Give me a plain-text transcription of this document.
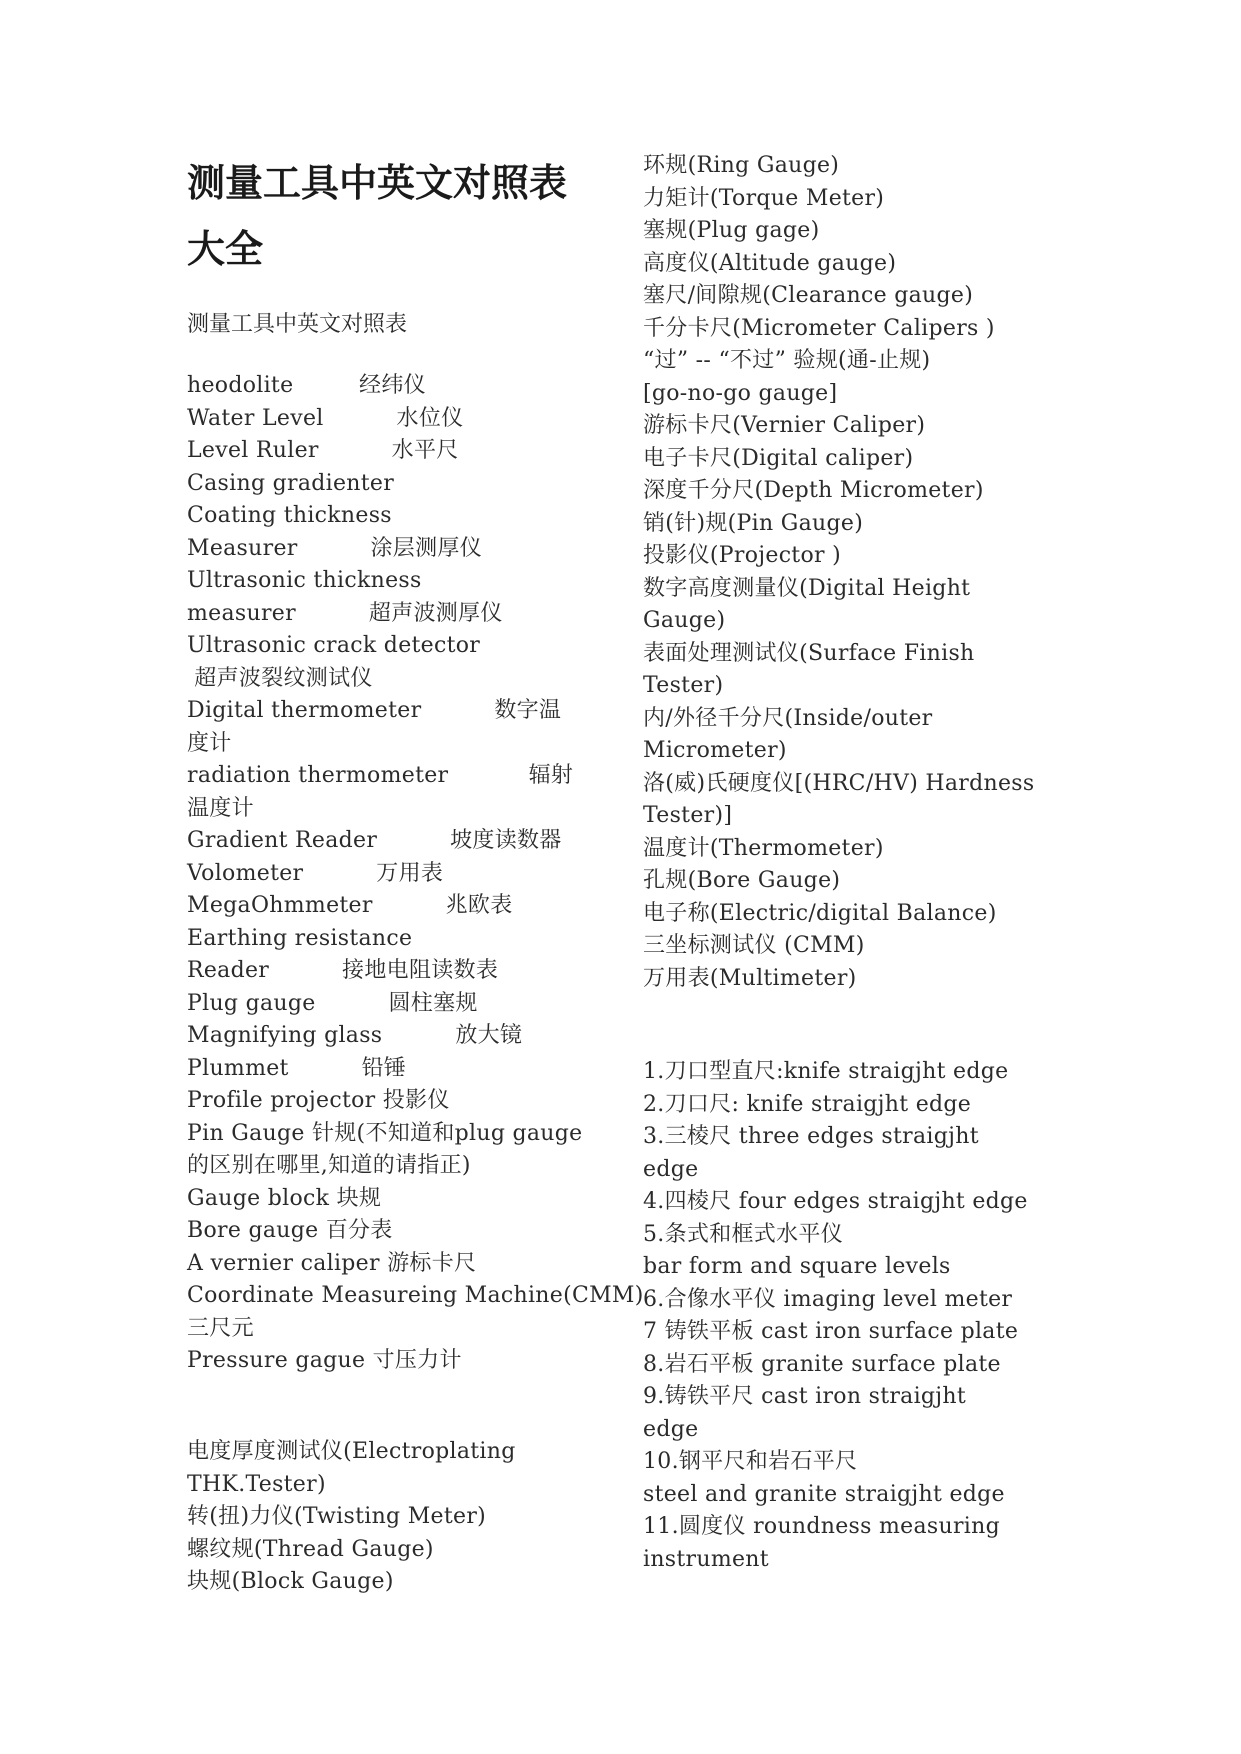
测量工具中英文对照表
大全

测量工具中英文对照表

heodolite         经纬仪
Water Level          水位仪
Level Ruler          水平尺
Casing gradienter
Coating thickness
Measurer          涂层测厚仪
Ultrasonic thickness
measurer          超声波测厚仪
Ultrasonic crack detector
超声波裂纹测试仪
Digital thermometer          数字温
度计
radiation thermometer           辐射
温度计
Gradient Reader          坡度读数器
Volometer          万用表
MegaOhmmeter          兆欧表
Earthing resistance
Reader          接地电阻读数表
Plug gauge          圆柱塞规
Magnifying glass          放大镜
Plummet          铅锤
Profile projector 投影仪
Pin Gauge 针规(不知道和plug gauge
的区别在哪里,知道的请指正)
Gauge block 块规
Bore gauge 百分表
A vernier caliper 游标卡尺
Coordinate Measureing Machine(CMM)
三尺元
Pressure gague 寸压力计
电度厚度测试仪(Electroplating
THK.Tester)
转(扭)力仪(Twisting Meter)
螺纹规(Thread Gauge)
块规(Block Gauge)
环规(Ring Gauge)
力矩计(Torque Meter)
塞规(Plug gage)
高度仪(Altitude gauge)
塞尺/间隙规(Clearance gauge)
千分卡尺(Micrometer Calipers )
“过” -- “不过” 验规(通-止规)
[go-no-go gauge]
游标卡尺(Vernier Caliper)
电子卡尺(Digital caliper)
深度千分尺(Depth Micrometer)
销(针)规(Pin Gauge)
投影仪(Projector )
数字高度测量仪(Digital Height
Gauge)
表面处理测试仪(Surface Finish
Tester)
内/外径千分尺(Inside/outer
Micrometer)
洛(威)氏硬度仪[(HRC/HV) Hardness
Tester)]
温度计(Thermometer)
孔规(Bore Gauge)
电子称(Electric/digital Balance)
三坐标测试仪 (CMM)
万用表(Multimeter)
1.刀口型直尺:knife straigjht edge
2.刀口尺: knife straigjht edge
3.三棱尺 three edges straigjht
edge
4.四棱尺 four edges straigjht edge
5.条式和框式水平仪
bar form and square levels
6.合像水平仪 imaging level meter
7 铸铁平板 cast iron surface plate
8.岩石平板 granite surface plate
9.铸铁平尺 cast iron straigjht
edge
10.钢平尺和岩石平尺
steel and granite straigjht edge
11.圆度仪 roundness measuring
instrument
